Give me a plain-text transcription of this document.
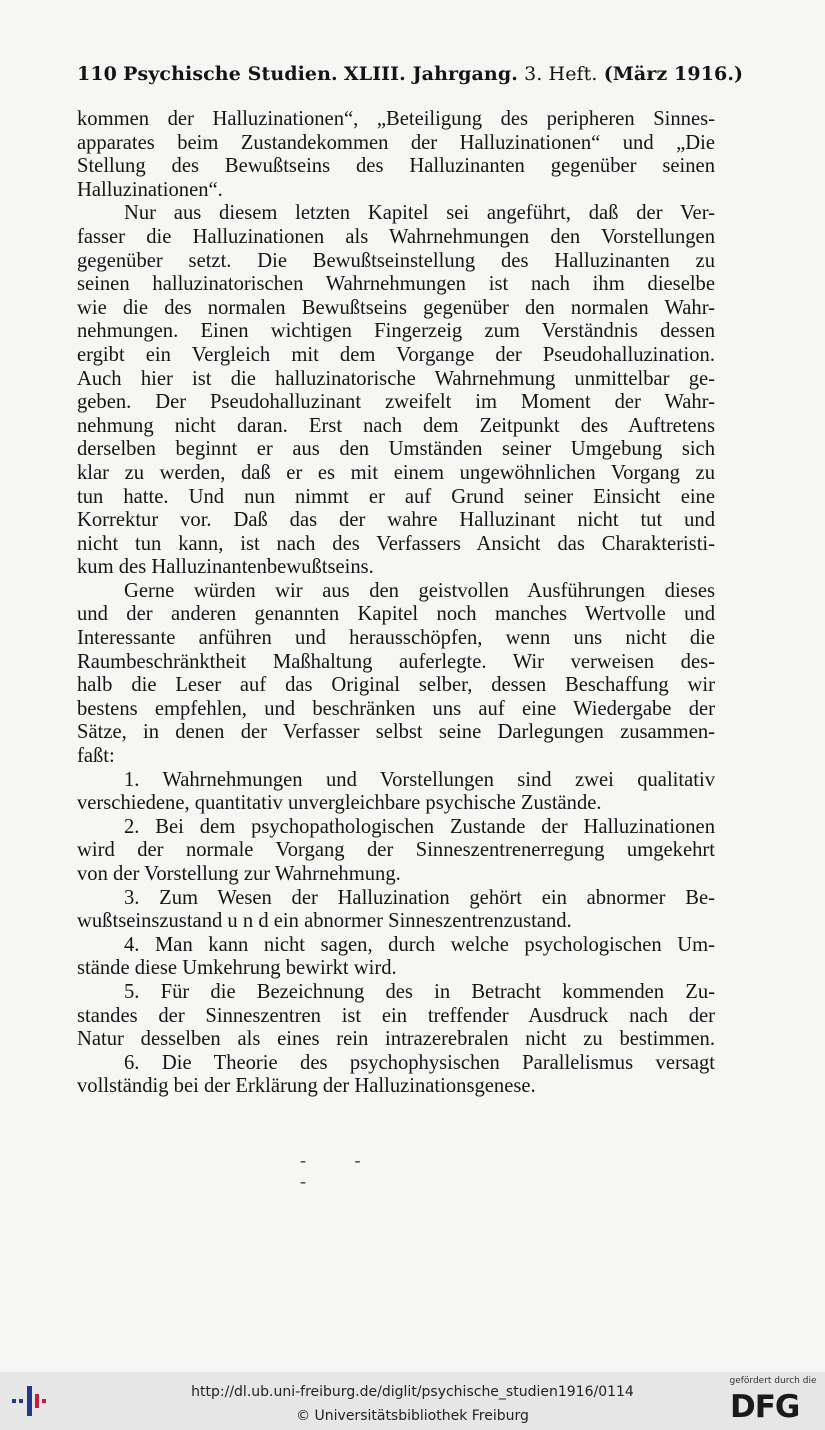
110 Psychische Studien. XLIII. Jahrgang. 3. Heft. (März 1916.)
kommen der Halluzinationen“, „Beteiligung des peripheren Sinnes-
apparates beim Zustandekommen der Halluzinationen“ und „Die
Stellung des Bewußtseins des Halluzinanten gegenüber seinen
Halluzinationen“.
Nur aus diesem letzten Kapitel sei angeführt, daß der Ver-
fasser die Halluzinationen als Wahrnehmungen den Vorstellungen
gegenüber setzt. Die Bewußtseinstellung des Halluzinanten zu
seinen halluzinatorischen Wahrnehmungen ist nach ihm dieselbe
wie die des normalen Bewußtseins gegenüber den normalen Wahr-
nehmungen. Einen wichtigen Fingerzeig zum Verständnis dessen
ergibt ein Vergleich mit dem Vorgange der Pseudohalluzination.
Auch hier ist die halluzinatorische Wahrnehmung unmittelbar ge-
geben. Der Pseudohalluzinant zweifelt im Moment der Wahr-
nehmung nicht daran. Erst nach dem Zeitpunkt des Auftretens
derselben beginnt er aus den Umständen seiner Umgebung sich
klar zu werden, daß er es mit einem ungewöhnlichen Vorgang zu
tun hatte. Und nun nimmt er auf Grund seiner Einsicht eine
Korrektur vor. Daß das der wahre Halluzinant nicht tut und
nicht tun kann, ist nach des Verfassers Ansicht das Charakteristi-
kum des Halluzinantenbewußtseins.
Gerne würden wir aus den geistvollen Ausführungen dieses
und der anderen genannten Kapitel noch manches Wertvolle und
Interessante anführen und herausschöpfen, wenn uns nicht die
Raumbeschränktheit Maßhaltung auferlegte. Wir verweisen des-
halb die Leser auf das Original selber, dessen Beschaffung wir
bestens empfehlen, und beschränken uns auf eine Wiedergabe der
Sätze, in denen der Verfasser selbst seine Darlegungen zusammen-
faßt:
1. Wahrnehmungen und Vorstellungen sind zwei qualitativ
verschiedene, quantitativ unvergleichbare psychische Zustände.
2. Bei dem psychopathologischen Zustande der Halluzinationen
wird der normale Vorgang der Sinneszentrenerregung umgekehrt
von der Vorstellung zur Wahrnehmung.
3. Zum Wesen der Halluzination gehört ein abnormer Be-
wußtseinszustand u n d ein abnormer Sinneszentrenzustand.
4. Man kann nicht sagen, durch welche psychologischen Um-
stände diese Umkehrung bewirkt wird.
5. Für die Bezeichnung des in Betracht kommenden Zu-
standes der Sinneszentren ist ein treffender Ausdruck nach der
Natur desselben als eines rein intrazerebralen nicht zu bestimmen.
6. Die Theorie des psychophysischen Parallelismus versagt
vollständig bei der Erklärung der Halluzinationsgenese.
- - -
http://dl.ub.uni-freiburg.de/diglit/psychische_studien1916/0114
© Universitätsbibliothek Freiburg
gefördert durch die
DFG
